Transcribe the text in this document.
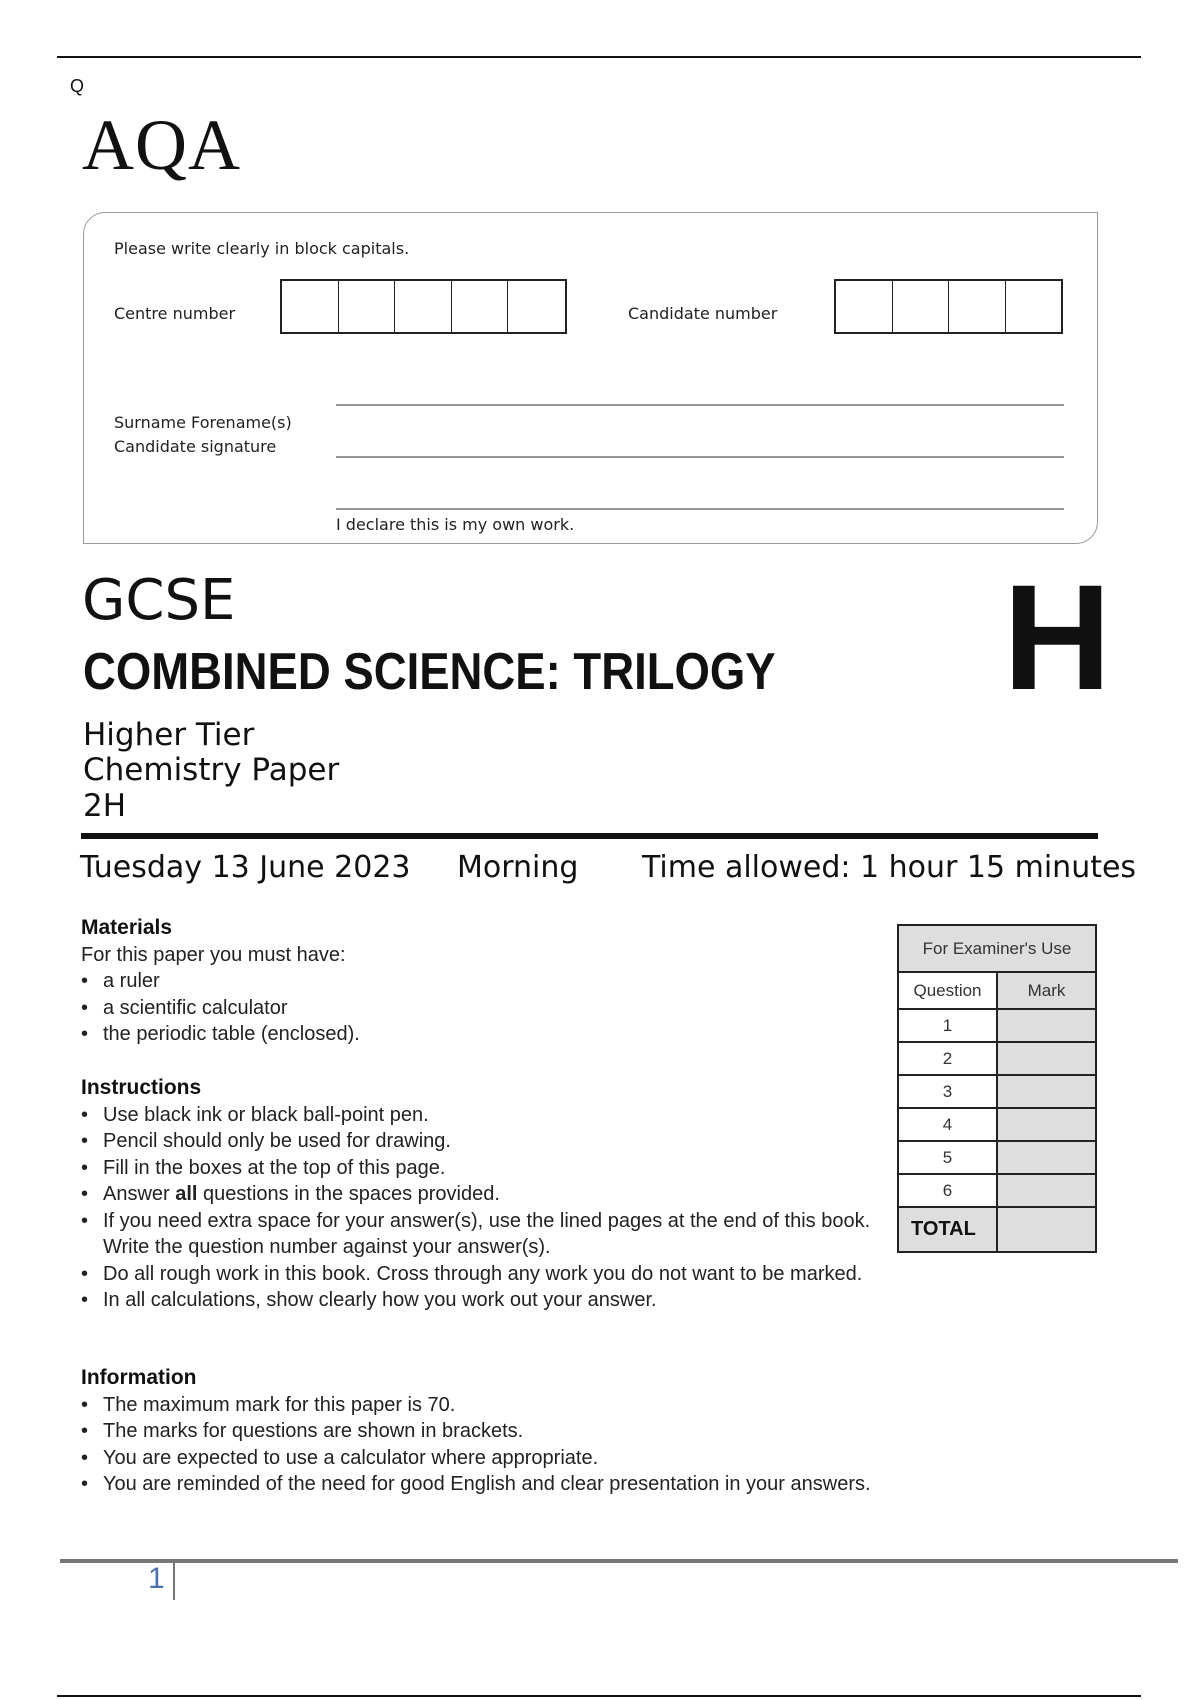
Q
AQA
Please write clearly in block capitals.
Centre number	Candidate number
Surname Forename(s)
Candidate signature
I declare this is my own work.
GCSE
COMBINED SCIENCE: TRILOGY H
Higher Tier
Chemistry Paper
2H
Tuesday 13 June 2023 Morning Time allowed: 1 hour 15 minutes
Materials
For this paper you must have:
• a ruler
• a scientific calculator
• the periodic table (enclosed).
Instructions
• Use black ink or black ball-point pen.
• Pencil should only be used for drawing.
• Fill in the boxes at the top of this page.
• Answer all questions in the spaces provided.
• If you need extra space for your answer(s), use the lined pages at the end of this book. Write the question number against your answer(s).
• Do all rough work in this book. Cross through any work you do not want to be marked.
• In all calculations, show clearly how you work out your answer.
Information
• The maximum mark for this paper is 70.
• The marks for questions are shown in brackets.
• You are expected to use a calculator where appropriate.
• You are reminded of the need for good English and clear presentation in your answers.
For Examiner's Use	
Question	Mark
1	
2	
3	
4	
5	
6	
TOTAL	
1
